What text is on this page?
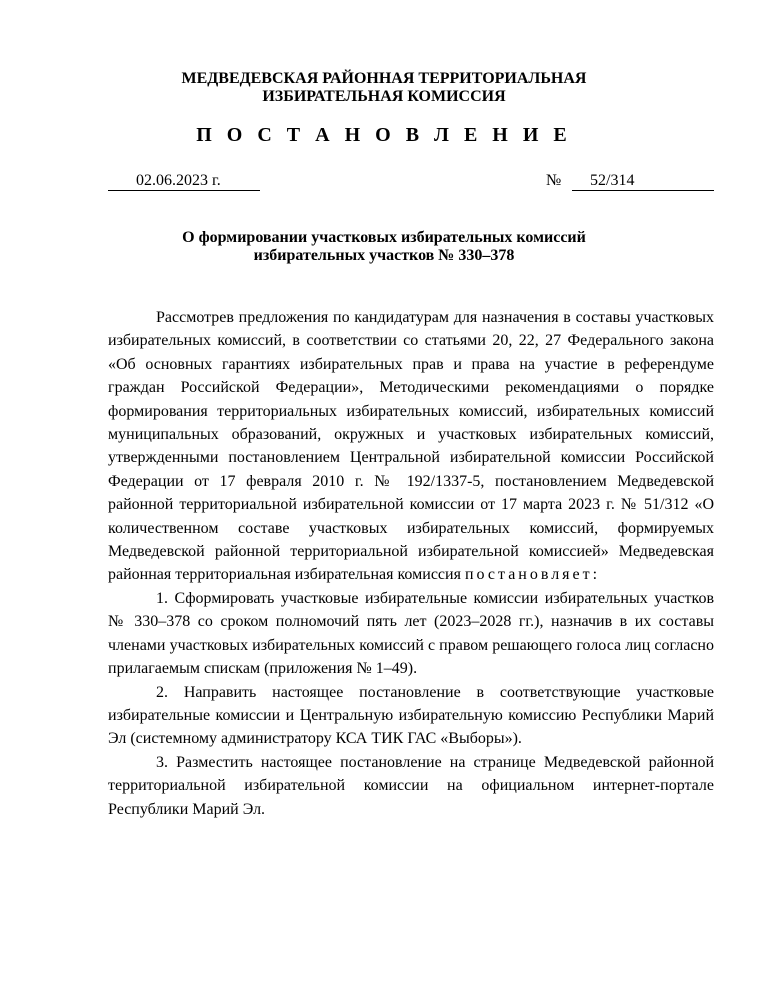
МЕДВЕДЕВСКАЯ РАЙОННАЯ ТЕРРИТОРИАЛЬНАЯ
ИЗБИРАТЕЛЬНАЯ КОМИССИЯ
П О С Т А Н О В Л Е Н И Е
02.06.2023 г.	№	52/314
О формировании участковых избирательных комиссий
избирательных участков № 330–378

Рассмотрев предложения по кандидатурам для назначения в составы участковых избирательных комиссий, в соответствии со статьями 20, 22, 27 Федерального закона «Об основных гарантиях избирательных прав и права на участие в референдуме граждан Российской Федерации», Методическими рекомендациями о порядке формирования территориальных избирательных комиссий, избирательных комиссий муниципальных образований, окружных и участковых избирательных комиссий, утвержденными постановлением Центральной избирательной комиссии Российской Федерации от 17 февраля 2010 г. № 192/1337-5, постановлением Медведевской районной территориальной избирательной комиссии от 17 марта 2023 г. № 51/312 «О количественном составе участковых избирательных комиссий, формируемых Медведевской районной территориальной избирательной комиссией» Медведевская районная территориальная избирательная комиссия постановляет:

1. Сформировать участковые избирательные комиссии избирательных участков № 330–378 со сроком полномочий пять лет (2023–2028 гг.), назначив в их составы членами участковых избирательных комиссий с правом решающего голоса лиц согласно прилагаемым спискам (приложения № 1–49).

2. Направить настоящее постановление в соответствующие участковые избирательные комиссии и Центральную избирательную комиссию Республики Марий Эл (системному администратору КСА ТИК ГАС «Выборы»).

3. Разместить настоящее постановление на странице Медведевской районной территориальной избирательной комиссии на официальном интернет-портале Республики Марий Эл.
